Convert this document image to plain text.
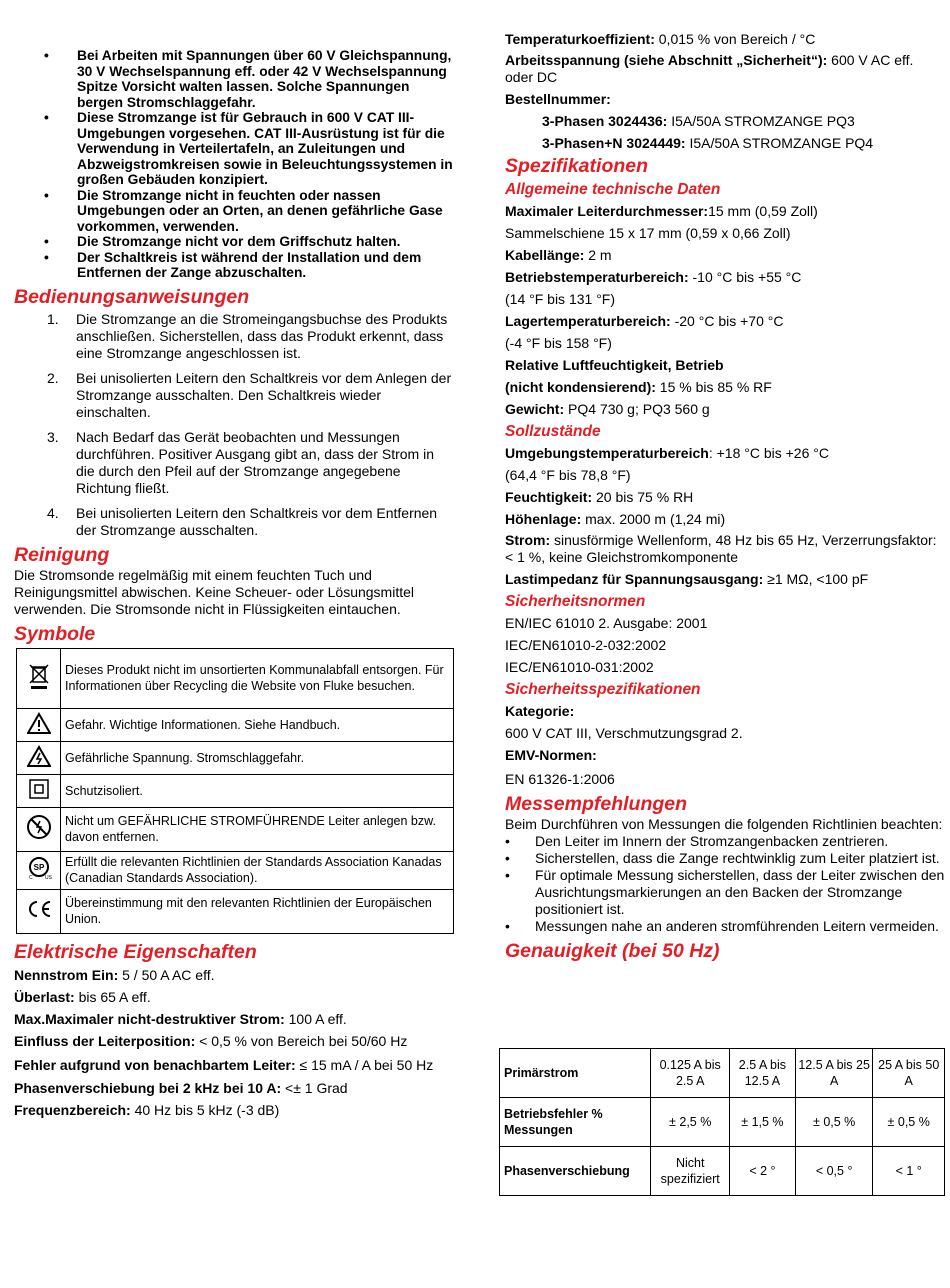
• Bei Arbeiten mit Spannungen über 60 V Gleichspannung, 30 V Wechselspannung eff. oder 42 V Wechselspannung Spitze Vorsicht walten lassen. Solche Spannungen bergen Stromschlaggefahr.
• Diese Stromzange ist für Gebrauch in 600 V CAT III-Umgebungen vorgesehen. CAT III-Ausrüstung ist für die Verwendung in Verteilertafeln, an Zuleitungen und Abzweigstromkreisen sowie in Beleuchtungssystemen in großen Gebäuden konzipiert.
• Die Stromzange nicht in feuchten oder nassen Umgebungen oder an Orten, an denen gefährliche Gase vorkommen, verwenden.
• Die Stromzange nicht vor dem Griffschutz halten.
• Der Schaltkreis ist während der Installation und dem Entfernen der Zange abzuschalten.
Bedienungsanweisungen
1. Die Stromzange an die Stromeingangsbuchse des Produkts anschließen. Sicherstellen, dass das Produkt erkennt, dass eine Stromzange angeschlossen ist.
2. Bei unisolierten Leitern den Schaltkreis vor dem Anlegen der Stromzange ausschalten. Den Schaltkreis wieder einschalten.
3. Nach Bedarf das Gerät beobachten und Messungen durchführen. Positiver Ausgang gibt an, dass der Strom in die durch den Pfeil auf der Stromzange angegebene Richtung fließt.
4. Bei unisolierten Leitern den Schaltkreis vor dem Entfernen der Stromzange ausschalten.
Reinigung
Die Stromsonde regelmäßig mit einem feuchten Tuch und Reinigungsmittel abwischen. Keine Scheuer- oder Lösungsmittel verwenden. Die Stromsonde nicht in Flüssigkeiten eintauchen.
Symbole
	Dieses Produkt nicht im unsortierten Kommunalabfall entsorgen. Für Informationen über Recycling die Website von Fluke besuchen.
	Gefahr. Wichtige Informationen. Siehe Handbuch.
	Gefährliche Spannung. Stromschlaggefahr.
	Schutzisoliert.
	Nicht um GEFÄHRLICHE STROMFÜHRENDE Leiter anlegen bzw. davon entfernen.

SP
C US	Erfüllt die relevanten Richtlinien der Standards Association Kanadas (Canadian Standards Association).
	Übereinstimmung mit den relevanten Richtlinien der Europäischen Union.
Elektrische Eigenschaften
Nennstrom Ein: 5 / 50 A AC eff.
Überlast: bis 65 A eff.
Max.Maximaler nicht-destruktiver Strom: 100 A eff.
Einfluss der Leiterposition: < 0,5 % von Bereich bei 50/60 Hz
Fehler aufgrund von benachbartem Leiter: ≤ 15 mA / A bei 50 Hz
Phasenverschiebung bei 2 kHz bei 10 A: <± 1 Grad
Frequenzbereich: 40 Hz bis 5 kHz (-3 dB)
Temperaturkoeffizient: 0,015 % von Bereich / °C
Arbeitsspannung (siehe Abschnitt „Sicherheit“): 600 V AC eff. oder DC
Bestellnummer:
3-Phasen 3024436: I5A/50A STROMZANGE PQ3
3-Phasen+N 3024449: I5A/50A STROMZANGE PQ4
Spezifikationen
Allgemeine technische Daten
Maximaler Leiterdurchmesser:15 mm (0,59 Zoll)
Sammelschiene 15 x 17 mm (0,59 x 0,66 Zoll)
Kabellänge: 2 m
Betriebstemperaturbereich: -10 °C bis +55 °C
(14 °F bis 131 °F)
Lagertemperaturbereich: -20 °C bis +70 °C
(-4 °F bis 158 °F)
Relative Luftfeuchtigkeit, Betrieb
(nicht kondensierend): 15 % bis 85 % RF
Gewicht: PQ4 730 g; PQ3 560 g
Sollzustände
Umgebungstemperaturbereich: +18 °C bis +26 °C
(64,4 °F bis 78,8 °F)
Feuchtigkeit: 20 bis 75 % RH
Höhenlage: max. 2000 m (1,24 mi)
Strom: sinusförmige Wellenform, 48 Hz bis 65 Hz, Verzerrungsfaktor: < 1 %, keine Gleichstromkomponente
Lastimpedanz für Spannungsausgang: ≥1 MΩ, <100 pF
Sicherheitsnormen
EN/IEC 61010 2. Ausgabe: 2001
IEC/EN61010-2-032:2002
IEC/EN61010-031:2002
Sicherheitsspezifikationen
Kategorie:
600 V CAT III, Verschmutzungsgrad 2.
EMV-Normen:
EN 61326-1:2006
Messempfehlungen
Beim Durchführen von Messungen die folgenden Richtlinien beachten:
• Den Leiter im Innern der Stromzangenbacken zentrieren.
• Sicherstellen, dass die Zange rechtwinklig zum Leiter platziert ist.
• Für optimale Messung sicherstellen, dass der Leiter zwischen den Ausrichtungsmarkierungen an den Backen der Stromzange positioniert ist.
• Messungen nahe an anderen stromführenden Leitern vermeiden.
Genauigkeit (bei 50 Hz)
Primärstrom	0.125 A bis 2.5 A	2.5 A bis 12.5 A	12.5 A bis 25 A	25 A bis 50 A
Betriebsfehler % Messungen	± 2,5 %	± 1,5 %	± 0,5 %	± 0,5 %
Phasenverschiebung	Nicht spezifiziert	< 2 °	< 0,5 °	< 1 °
